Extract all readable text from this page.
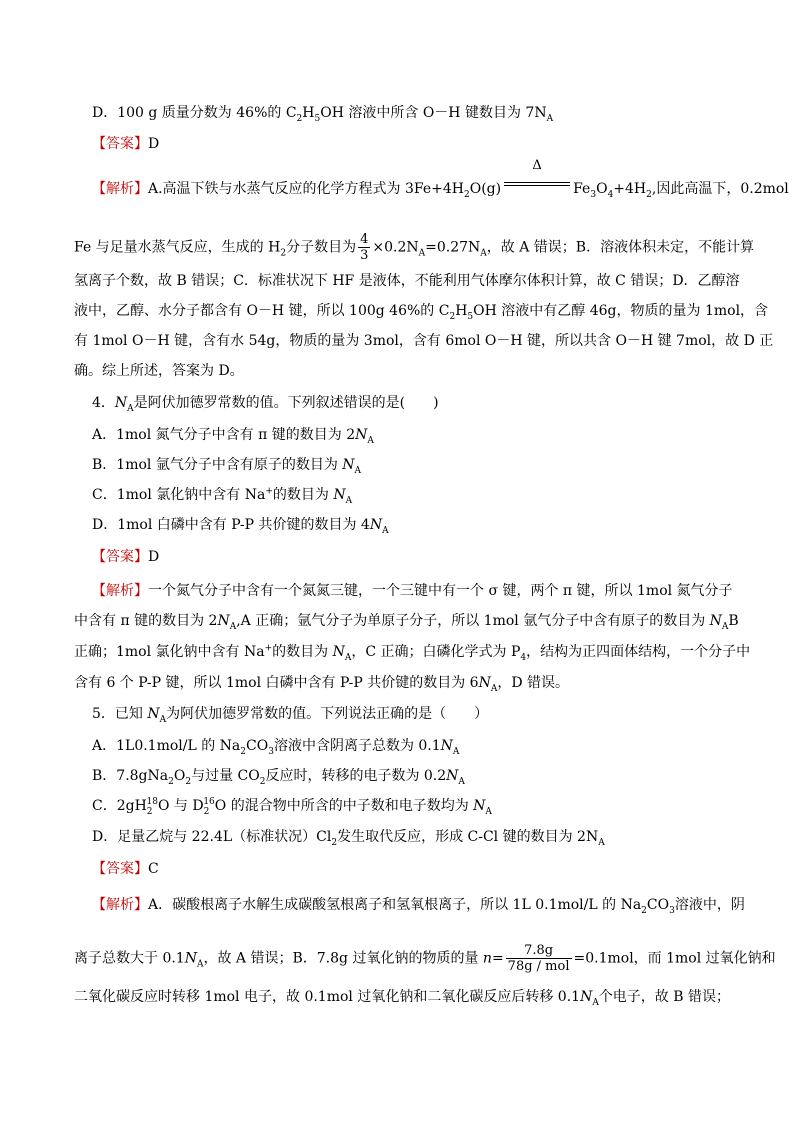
D．100 g 质量分数为 46%的 $C_2H_5OH$ 溶液中所含 O－H 键数目为 $7N_A$
【答案】D
【解析】A.高温下铁与水蒸气反应的化学方程式为 $3Fe+4H_2O(g)$
Δ
$Fe_3O_4+4H_2$,因此高温下，0.2mol
Fe 与足量水蒸气反应，生成的 $H_2$分子数目为 $\frac{4}{3} \times 0.2N_A=0.27N_A$，故 A 错误；B．溶液体积未定，不能计算
氢离子个数，故 B 错误；C．标准状况下 HF 是液体，不能利用气体摩尔体积计算，故 C 错误；D．乙醇溶
液中，乙醇、水分子都含有 O－H 键，所以 100g 46%的 $C_2H_5OH$ 溶液中有乙醇 46g，物质的量为 1mol，含
有 1mol O－H 键，含有水 54g，物质的量为 3mol，含有 6mol O－H 键，所以共含 O－H 键 7mol，故 D 正
确。综上所述，答案为 D。
4．$N_A$是阿伏加德罗常数的值。下列叙述错误的是(　　)
A．1mol 氮气分子中含有 π 键的数目为 $2N_A$
B．1mol 氩气分子中含有原子的数目为 $N_A$
C．1mol 氯化钠中含有 Na+的数目为 $N_A$
D．1mol 白磷中含有 P-P 共价键的数目为 $4N_A$
【答案】D
【解析】一个氮气分子中含有一个氮氮三键，一个三键中有一个 σ 键，两个 π 键，所以 1mol 氮气分子
中含有 π 键的数目为 $2N_A,A$ 正确；氩气分子为单原子分子，所以 1mol 氩气分子中含有原子的数目为 $N_AB$
正确；1mol 氯化钠中含有 Na+的数目为 $N_A$，C 正确；白磷化学式为 $P_4$，结构为正四面体结构，一个分子中
含有 6 个 P-P 键，所以 1mol 白磷中含有 P-P 共价键的数目为 $6N_A$，D 错误。
5．已知 $N_A$为阿伏加德罗常数的值。下列说法正确的是（　　）
A．1L0.1mol/L 的 $Na_2CO_3$溶液中含阴离子总数为 $0.1N_A$
B．$7.8gNa_2O_2$与过量 $CO_2$反应时，转移的电子数为 $0.2N_A$
C．$2gH_2^{18}O$ 与 $D_2^{16}O$ 的混合物中所含的中子数和电子数均为 $N_A$
D．足量乙烷与 22.4L（标准状况）$Cl_2$发生取代反应，形成 C-Cl 键的数目为 $2N_A$
【答案】C
【解析】A．碳酸根离子水解生成碳酸氢根离子和氢氧根离子，所以 1L 0.1mol/L 的 $Na_2CO_3$溶液中，阴
离子总数大于 $0.1N_A$，故 A 错误；B．7.8g 过氧化钠的物质的量 $n= \frac{7.8g}{\text{78g / mol}} =0.1mol$，而 1mol 过氧化钠和
二氧化碳反应时转移 1mol 电子，故 0.1mol 过氧化钠和二氧化碳反应后转移 $0.1N_A$个电子，故 B 错误；
